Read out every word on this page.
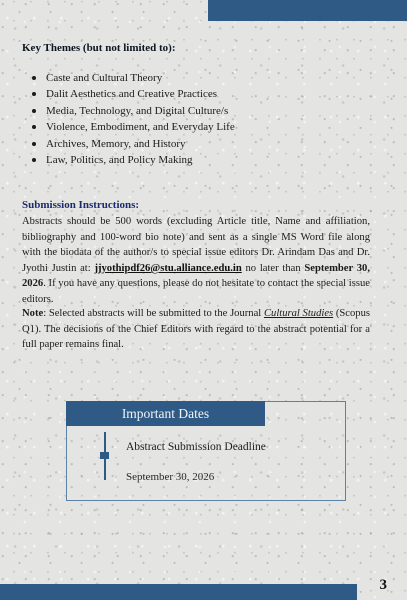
Key Themes (but not limited to):
Caste and Cultural Theory
Dalit Aesthetics and Creative Practices
Media, Technology, and Digital Culture/s
Violence, Embodiment, and Everyday Life
Archives, Memory, and History
Law, Politics, and Policy Making
Submission Instructions:

Abstracts should be 500 words (excluding Article title, Name and affiliation, bibliography and 100-word bio note) and sent as a single MS Word file along with the biodata of the author/s to special issue editors Dr. Arindam Das and Dr. Jyothi Justin at: jjyothipdf26@stu.alliance.edu.in no later than September 30, 2026. If you have any questions, please do not hesitate to contact the special issue editors.

Note: Selected abstracts will be submitted to the Journal Cultural Studies (Scopus Q1). The decisions of the Chief Editors with regard to the abstract potential for a full paper remains final.

Important Dates
Abstract Submission Deadline
September 30, 2026
3
